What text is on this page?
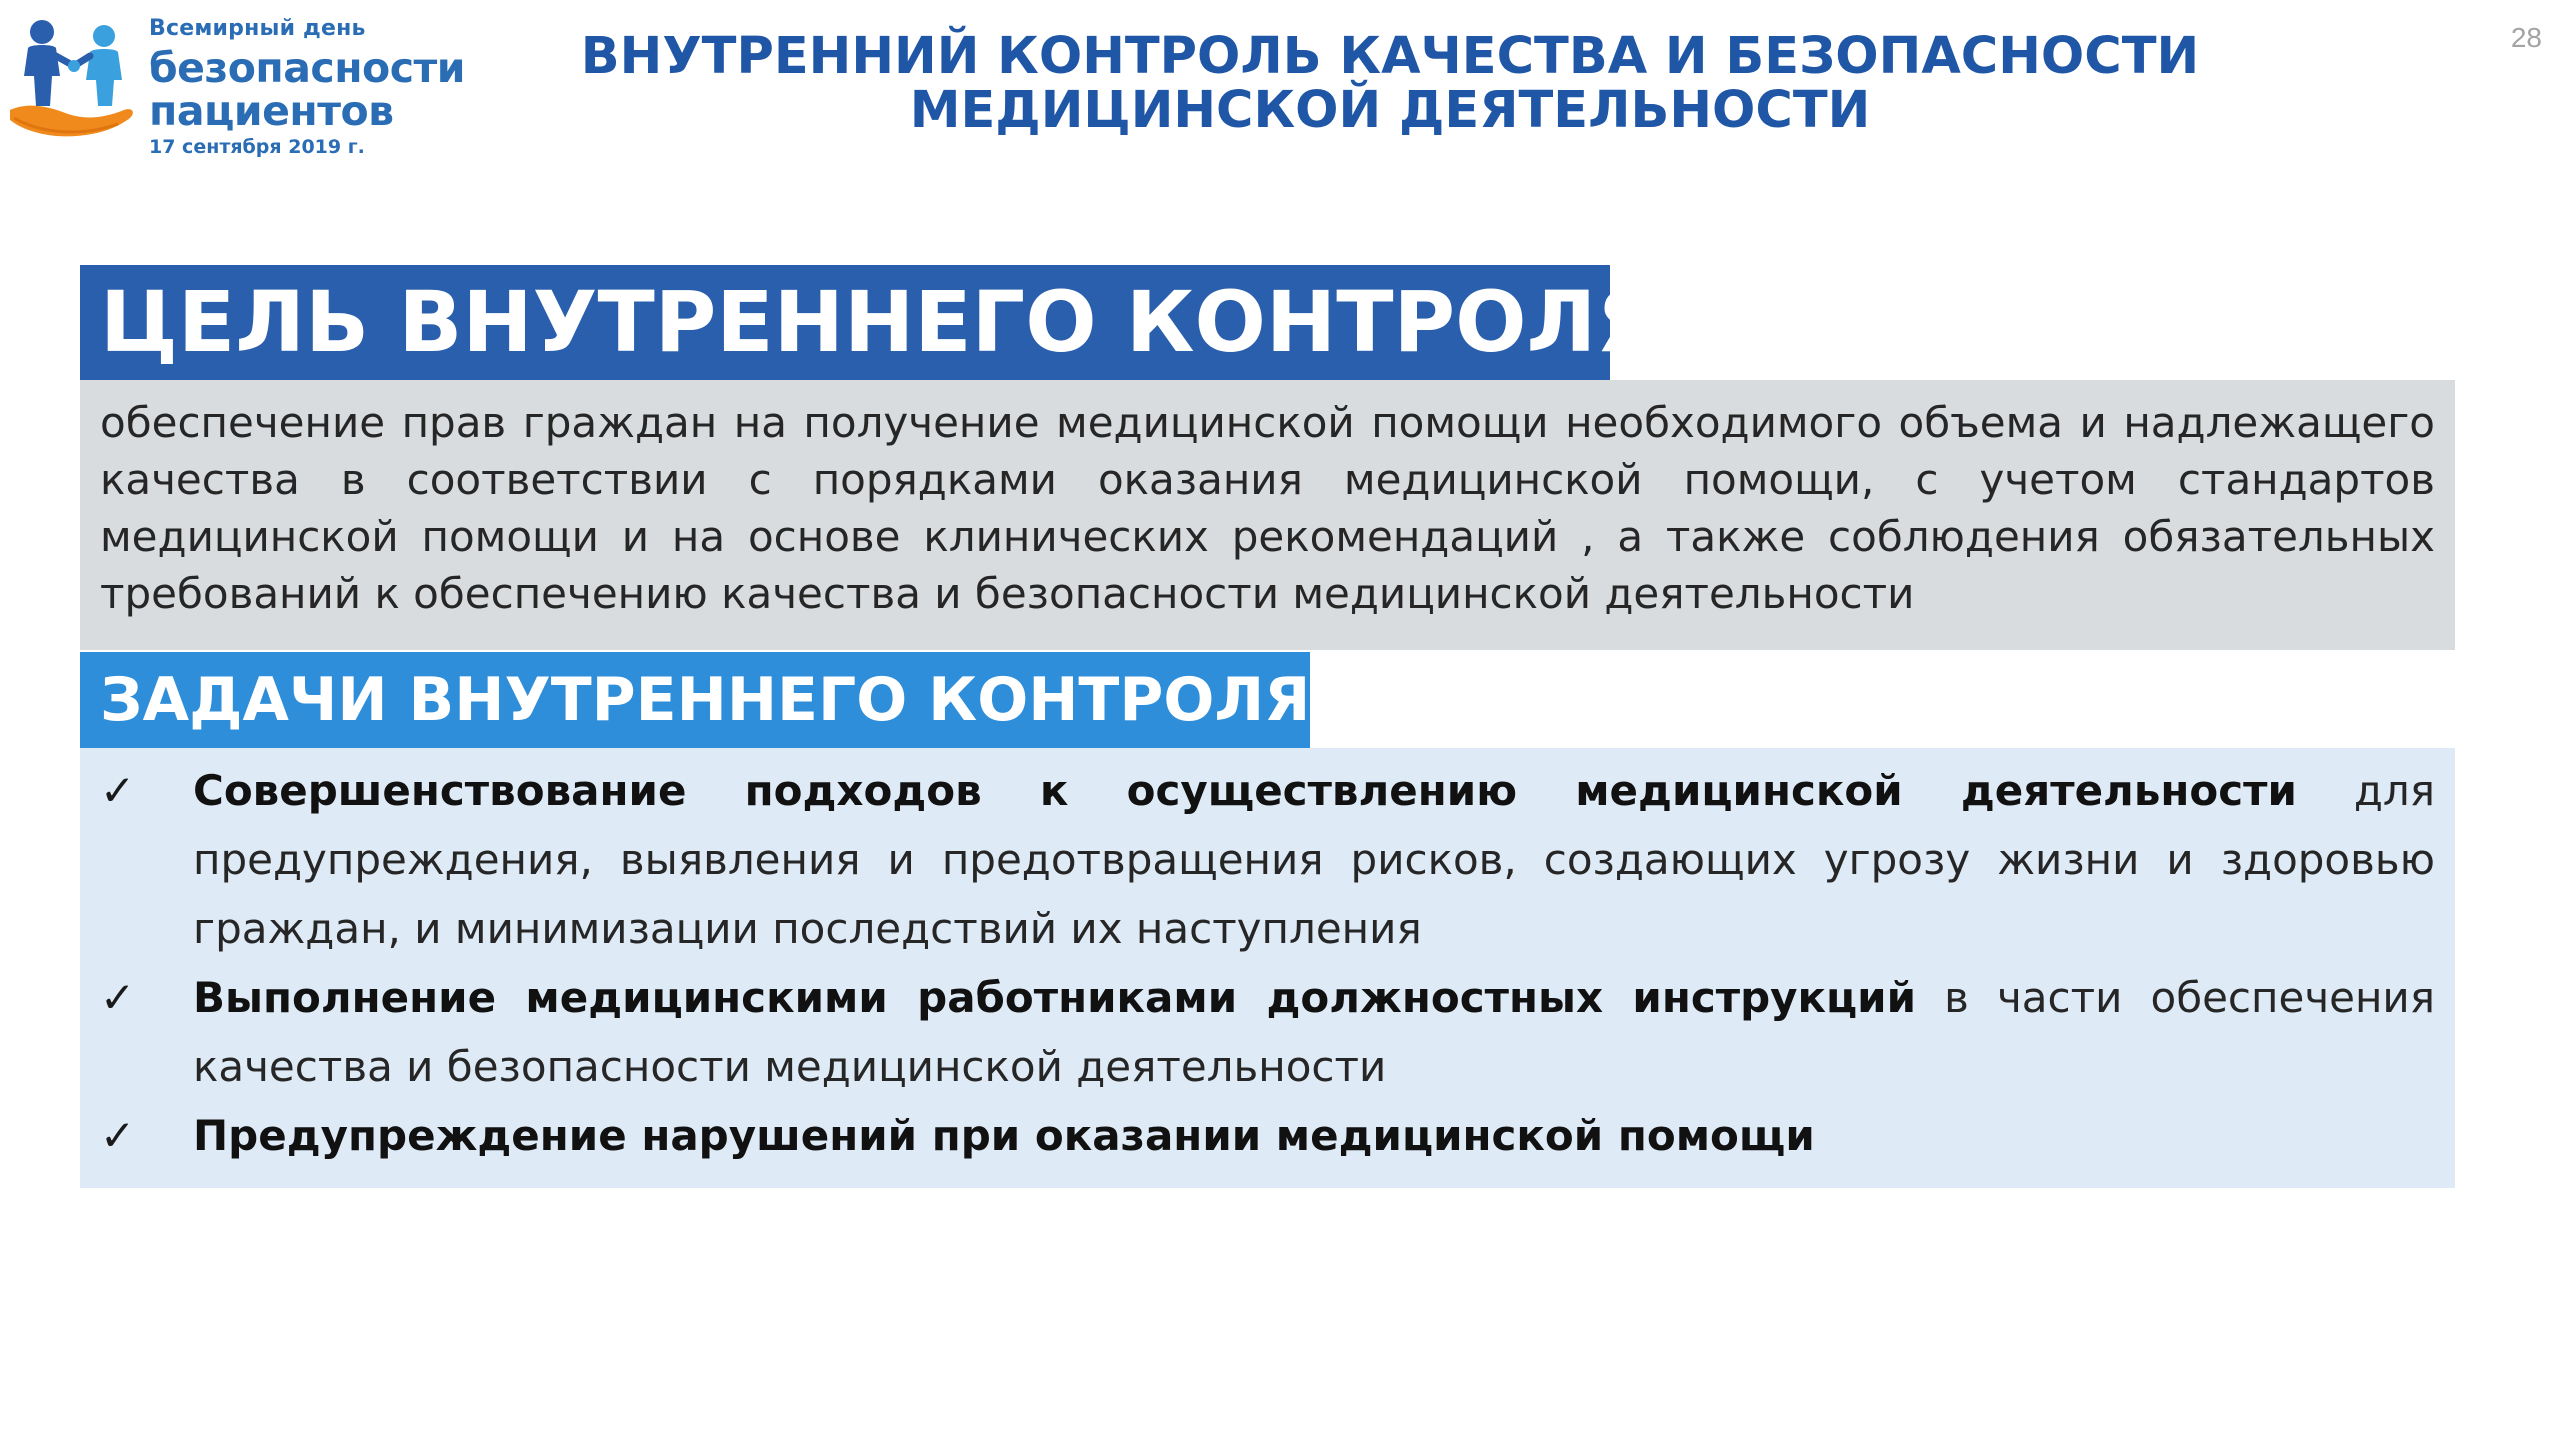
Всемирный день
безопасности
пациентов
17 сентября 2019 г.
ВНУТРЕННИЙ КОНТРОЛЬ КАЧЕСТВА И БЕЗОПАСНОСТИ
МЕДИЦИНСКОЙ ДЕЯТЕЛЬНОСТИ
28
ЦЕЛЬ ВНУТРЕННЕГО КОНТРОЛЯ
обеспечение прав граждан на получение медицинской помощи необходимого объема и надлежащего качества в соответствии с порядками оказания медицинской помощи, с учетом стандартов медицинской помощи и на основе клинических рекомендаций , а также соблюдения обязательных требований к обеспечению качества и безопасности медицинской деятельности
ЗАДАЧИ ВНУТРЕННЕГО КОНТРОЛЯ
✓ Совершенствование подходов к осуществлению медицинской деятельности для предупреждения, выявления и предотвращения рисков, создающих угрозу жизни и здоровью граждан, и минимизации последствий их наступления
✓ Выполнение медицинскими работниками должностных инструкций в части обеспечения качества и безопасности медицинской деятельности
✓ Предупреждение нарушений при оказании медицинской помощи
